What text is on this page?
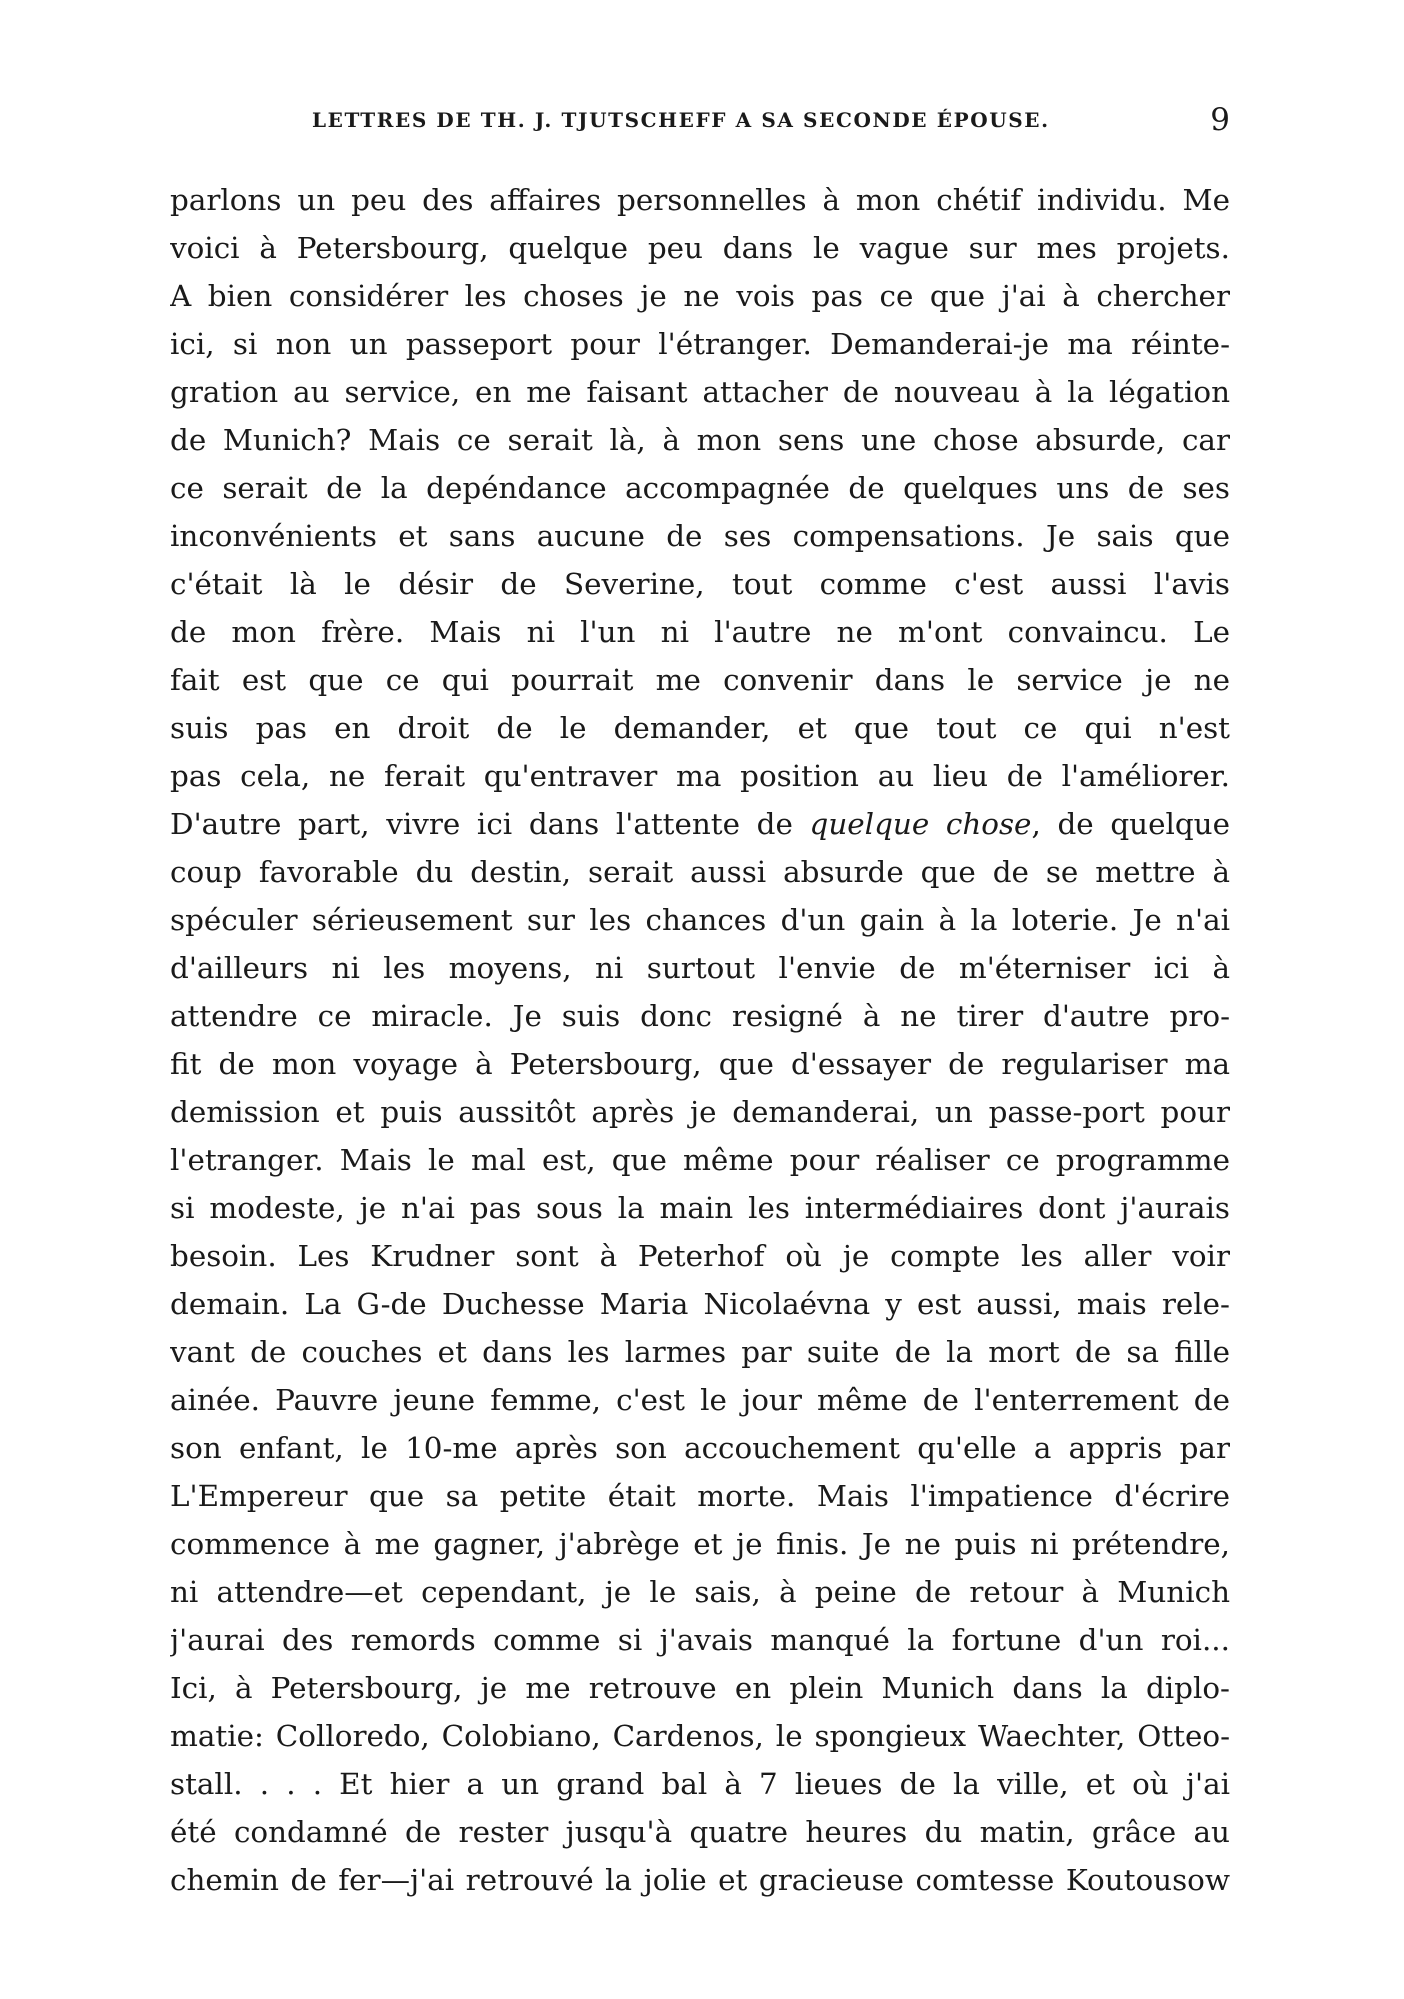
LETTRES DE TH. J. TJUTSCHEFF A SA SECONDE ÉPOUSE.	9
parlons un peu des affaires personnelles à mon chétif individu. Me
voici à Petersbourg, quelque peu dans le vague sur mes projets.
A bien considérer les choses je ne vois pas ce que j'ai à chercher
ici, si non un passeport pour l'étranger. Demanderai-je ma réinte-
gration au service, en me faisant attacher de nouveau à la légation
de Munich? Mais ce serait là, à mon sens une chose absurde, car
ce serait de la depéndance accompagnée de quelques uns de ses
inconvénients et sans aucune de ses compensations. Je sais que
c'était là le désir de Severine, tout comme c'est aussi l'avis
de mon frère. Mais ni l'un ni l'autre ne m'ont convaincu. Le
fait est que ce qui pourrait me convenir dans le service je ne
suis pas en droit de le demander, et que tout ce qui n'est
pas cela, ne ferait qu'entraver ma position au lieu de l'améliorer.
D'autre part, vivre ici dans l'attente de quelque chose, de quelque
coup favorable du destin, serait aussi absurde que de se mettre à
spéculer sérieusement sur les chances d'un gain à la loterie. Je n'ai
d'ailleurs ni les moyens, ni surtout l'envie de m'éterniser ici à
attendre ce miracle. Je suis donc resigné à ne tirer d'autre pro-
fit de mon voyage à Petersbourg, que d'essayer de regulariser ma
demission et puis aussitôt après je demanderai, un passe-port pour
l'etranger. Mais le mal est, que même pour réaliser ce programme
si modeste, je n'ai pas sous la main les intermédiaires dont j'aurais
besoin. Les Krudner sont à Peterhof où je compte les aller voir
demain. La G-de Duchesse Maria Nicolaévna y est aussi, mais rele-
vant de couches et dans les larmes par suite de la mort de sa fille
ainée. Pauvre jeune femme, c'est le jour même de l'enterrement de
son enfant, le 10-me après son accouchement qu'elle a appris par
L'Empereur que sa petite était morte. Mais l'impatience d'écrire
commence à me gagner, j'abrège et je finis. Je ne puis ni prétendre,
ni attendre—et cependant, je le sais, à peine de retour à Munich
j'aurai des remords comme si j'avais manqué la fortune d'un roi...
Ici, à Petersbourg, je me retrouve en plein Munich dans la diplo-
matie: Colloredo, Colobiano, Cardenos, le spongieux Waechter, Otteo-
stall. . . . Et hier a un grand bal à 7 lieues de la ville, et où j'ai
été condamné de rester jusqu'à quatre heures du matin, grâce au
chemin de fer—j'ai retrouvé la jolie et gracieuse comtesse Koutousow
